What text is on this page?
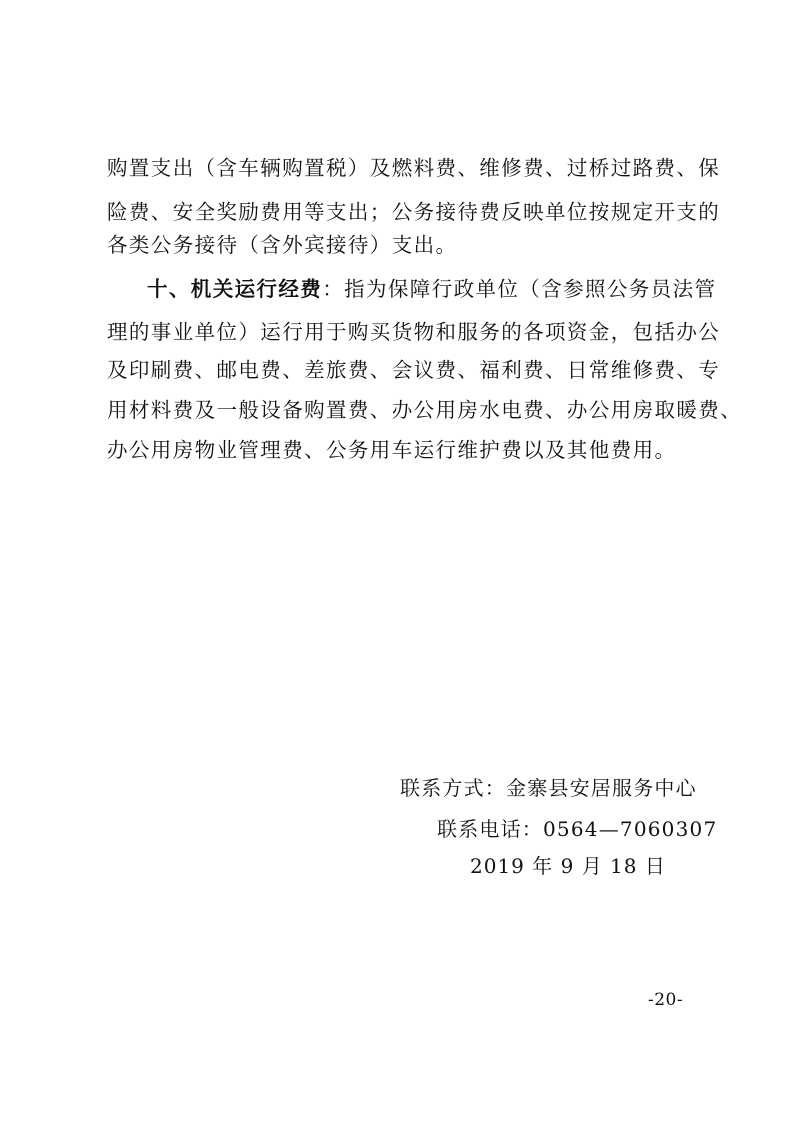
购置支出（含车辆购置税）及燃料费、维修费、过桥过路费、保
险费、安全奖励费用等支出；公务接待费反映单位按规定开支的
各类公务接待（含外宾接待）支出。
十、机关运行经费：指为保障行政单位（含参照公务员法管
理的事业单位）运行用于购买货物和服务的各项资金，包括办公
及印刷费、邮电费、差旅费、会议费、福利费、日常维修费、专
用材料费及一般设备购置费、办公用房水电费、办公用房取暖费、
办公用房物业管理费、公务用车运行维护费以及其他费用。
联系方式：金寨县安居服务中心
联系电话：0564—7060307
2019 年 9 月 18 日
-20-
